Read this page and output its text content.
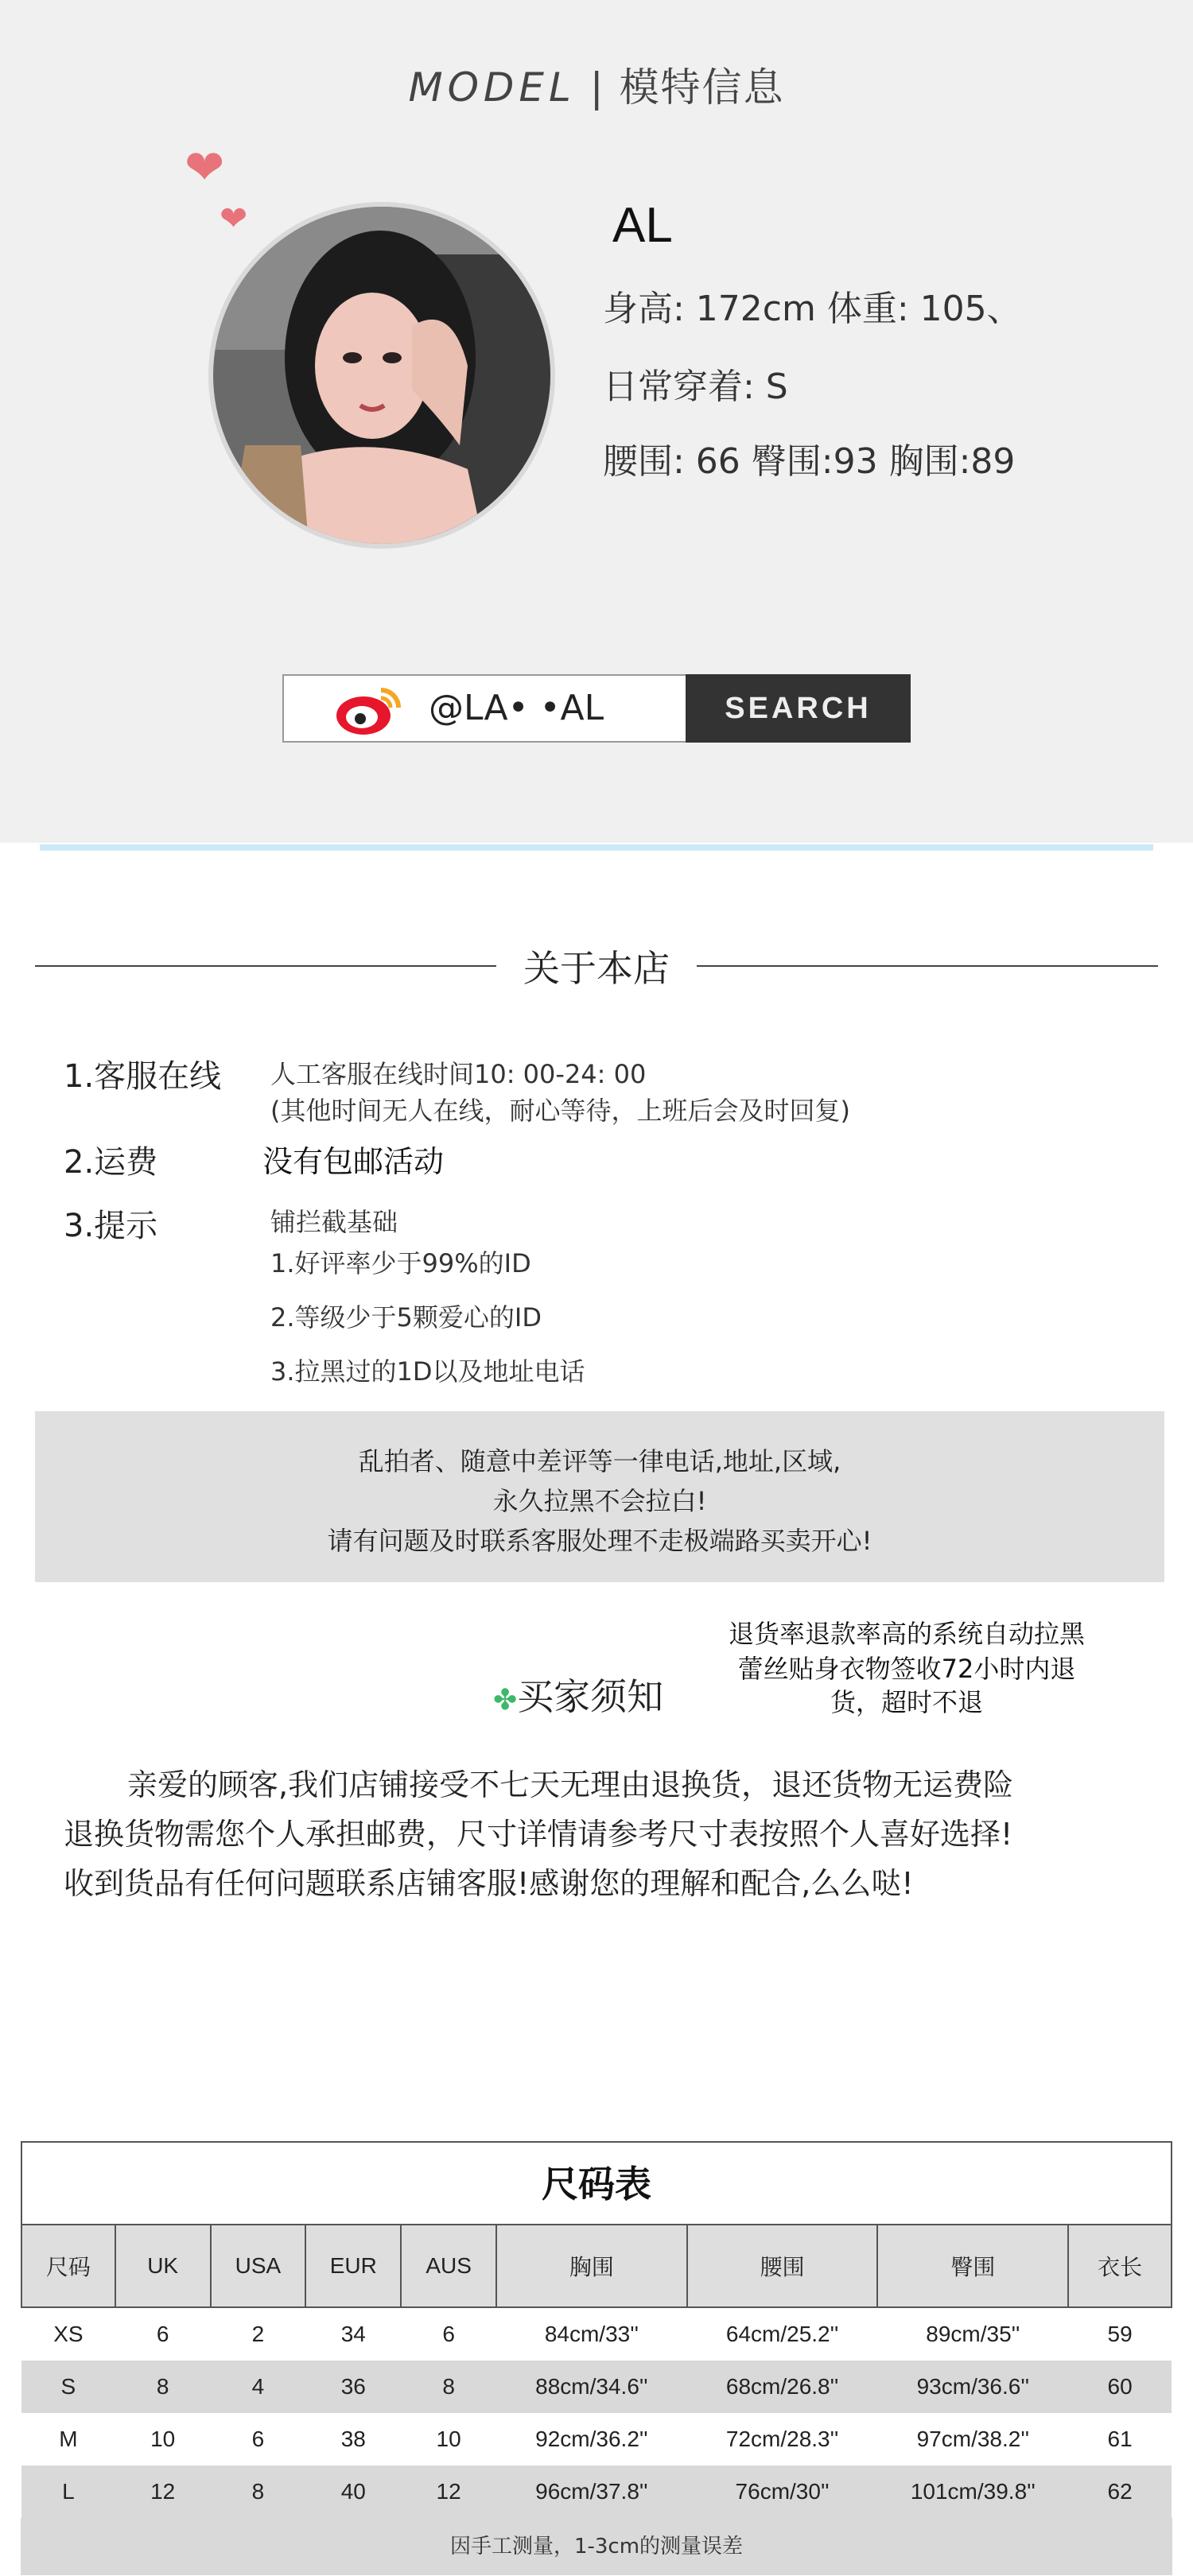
MODEL | 模特信息
❤
❤	AL
身高: 172cm 体重: 105、
日常穿着: S
腰围: 66 臀围:93 胸围:89
@LA• •AL	SEARCH
关于本店
1.客服在线 人工客服在线时间10: 00-24: 00
(其他时间无人在线，耐心等待，上班后会及时回复)
2.运费	没有包邮活动
3.提示	铺拦截基础
1.好评率少于99%的ID
2.等级少于5颗爱心的ID
3.拉黑过的1D以及地址电话
乱拍者、随意中差评等一律电话,地址,区域,
永久拉黑不会拉白!
请有问题及时联系客服处理不走极端路买卖开心!
退货率退款率高的系统自动拉黑
蕾丝贴身衣物签收72小时内退
货，超时不退
✤买家须知
亲爱的顾客,我们店铺接受不七天无理由退换货，退还货物无运费险
退换货物需您个人承担邮费，尺寸详情请参考尺寸表按照个人喜好选择!
收到货品有任何问题联系店铺客服!感谢您的理解和配合,么么哒!
尺码表
尺码	UK	USA	EUR	AUS	胸围	腰围	臀围	衣长
XS	6	2	34	6	84cm/33''	64cm/25.2''	89cm/35''	59
S	8	4	36	8	88cm/34.6''	68cm/26.8''	93cm/36.6''	60
M	10	6	38	10	92cm/36.2''	72cm/28.3''	97cm/38.2''	61
L	12	8	40	12	96cm/37.8''	76cm/30''	101cm/39.8''	62
因手工测量，1-3cm的测量误差
